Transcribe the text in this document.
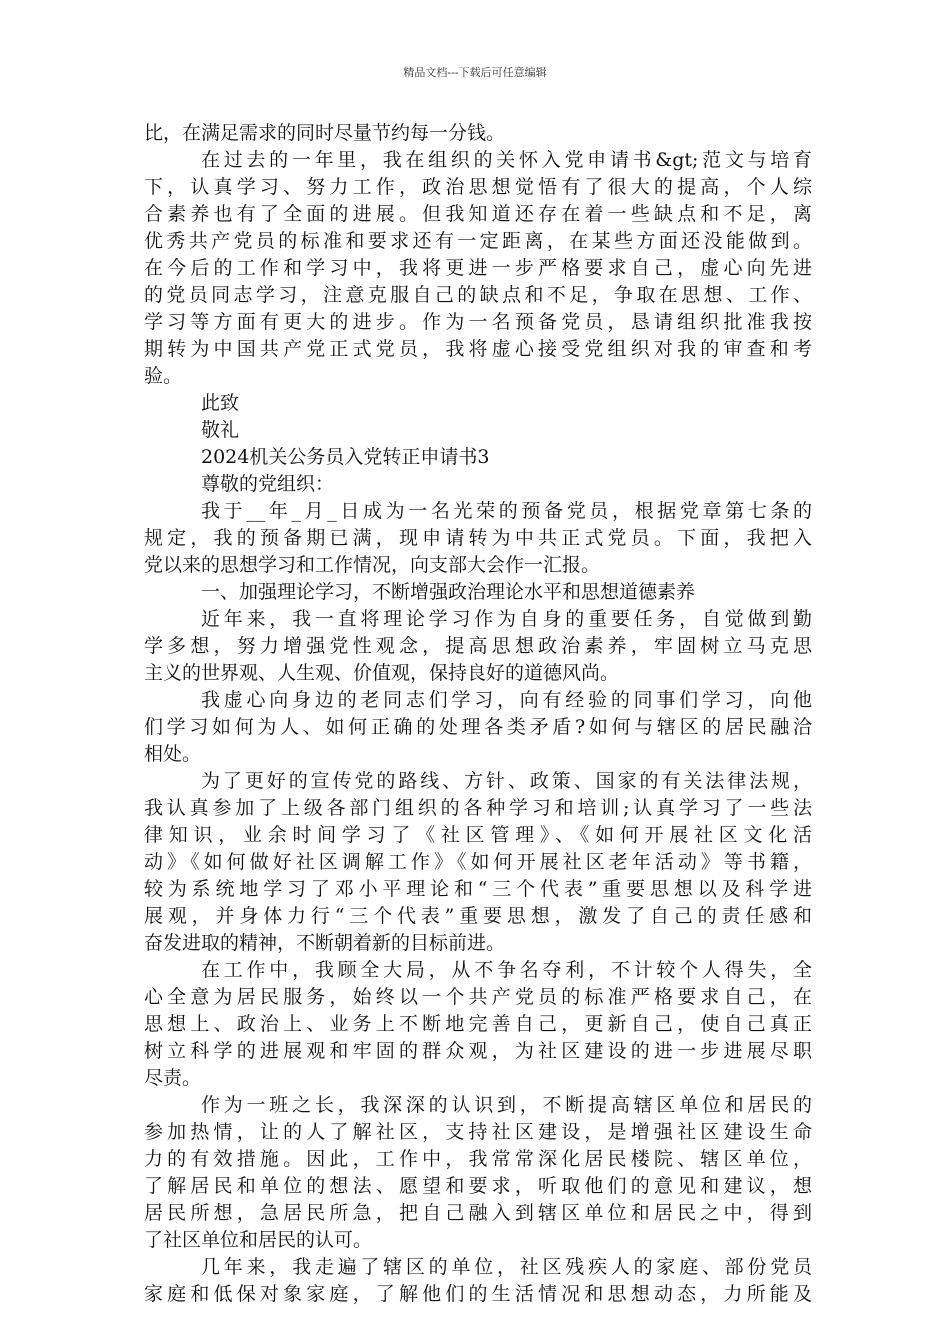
精品文档---下载后可任意编辑
比，在满足需求的同时尽量节约每一分钱。
在过去的一年里，我在组织的关怀入党申请书&gt;范文与培育
下，认真学习、努力工作，政治思想觉悟有了很大的提高，个人综
合素养也有了全面的进展。但我知道还存在着一些缺点和不足，离
优秀共产党员的标准和要求还有一定距离，在某些方面还没能做到。
在今后的工作和学习中，我将更进一步严格要求自己，虚心向先进
的党员同志学习，注意克服自己的缺点和不足，争取在思想、工作、
学习等方面有更大的进步。作为一名预备党员，恳请组织批准我按
期转为中国共产党正式党员，我将虚心接受党组织对我的审查和考
验。
此致
敬礼
2024机关公务员入党转正申请书3
尊敬的党组织：
我于__年_月_日成为一名光荣的预备党员，根据党章第七条的
规定，我的预备期已满，现申请转为中共正式党员。下面，我把入
党以来的思想学习和工作情况，向支部大会作一汇报。
一、加强理论学习，不断增强政治理论水平和思想道德素养
近年来，我一直将理论学习作为自身的重要任务，自觉做到勤
学多想，努力增强党性观念，提高思想政治素养，牢固树立马克思
主义的世界观、人生观、价值观，保持良好的道德风尚。
我虚心向身边的老同志们学习，向有经验的同事们学习，向他
们学习如何为人、如何正确的处理各类矛盾?如何与辖区的居民融洽
相处。
为了更好的宣传党的路线、方针、政策、国家的有关法律法规，
我认真参加了上级各部门组织的各种学习和培训;认真学习了一些法
律知识，业余时间学习了《社区管理》、《如何开展社区文化活
动》《如何做好社区调解工作》《如何开展社区老年活动》等书籍，
较为系统地学习了邓小平理论和“三个代表”重要思想以及科学进
展观，并身体力行“三个代表”重要思想，激发了自己的责任感和
奋发进取的精神，不断朝着新的目标前进。
在工作中，我顾全大局，从不争名夺利，不计较个人得失，全
心全意为居民服务，始终以一个共产党员的标准严格要求自己，在
思想上、政治上、业务上不断地完善自己，更新自己，使自己真正
树立科学的进展观和牢固的群众观，为社区建设的进一步进展尽职
尽责。
作为一班之长，我深深的认识到，不断提高辖区单位和居民的
参加热情，让的人了解社区，支持社区建设，是增强社区建设生命
力的有效措施。因此，工作中，我常常深化居民楼院、辖区单位，
了解居民和单位的想法、愿望和要求，听取他们的意见和建议，想
居民所想，急居民所急，把自己融入到辖区单位和居民之中，得到
了社区单位和居民的认可。
几年来，我走遍了辖区的单位，社区残疾人的家庭、部份党员
家庭和低保对象家庭，了解他们的生活情况和思想动态，力所能及
